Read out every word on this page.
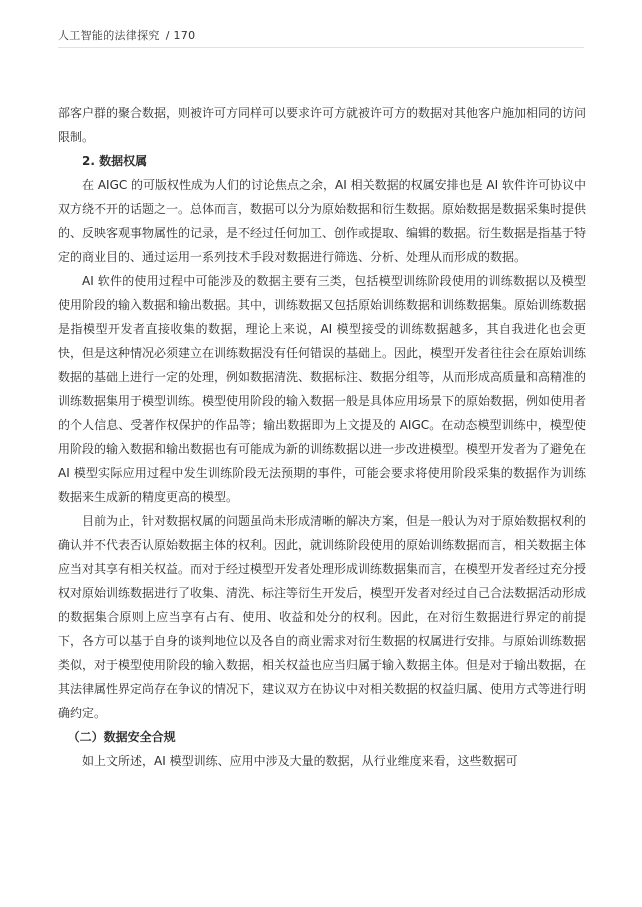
人工智能的法律探究 / 170

部客户群的聚合数据，则被许可方同样可以要求许可方就被许可方的数据对其他客户施加相同的访问限制。

2. 数据权属

在 AIGC 的可版权性成为人们的讨论焦点之余，AI 相关数据的权属安排也是 AI 软件许可协议中双方绕不开的话题之一。总体而言，数据可以分为原始数据和衍生数据。原始数据是数据采集时提供的、反映客观事物属性的记录，是不经过任何加工、创作或提取、编辑的数据。衍生数据是指基于特定的商业目的、通过运用一系列技术手段对数据进行筛选、分析、处理从而形成的数据。

AI 软件的使用过程中可能涉及的数据主要有三类，包括模型训练阶段使用的训练数据以及模型使用阶段的输入数据和输出数据。其中，训练数据又包括原始训练数据和训练数据集。原始训练数据是指模型开发者直接收集的数据，理论上来说，AI 模型接受的训练数据越多，其自我进化也会更快，但是这种情况必须建立在训练数据没有任何错误的基础上。因此，模型开发者往往会在原始训练数据的基础上进行一定的处理，例如数据清洗、数据标注、数据分组等，从而形成高质量和高精准的训练数据集用于模型训练。模型使用阶段的输入数据一般是具体应用场景下的原始数据，例如使用者的个人信息、受著作权保护的作品等；输出数据即为上文提及的 AIGC。在动态模型训练中，模型使用阶段的输入数据和输出数据也有可能成为新的训练数据以进一步改进模型。模型开发者为了避免在 AI 模型实际应用过程中发生训练阶段无法预期的事件，可能会要求将使用阶段采集的数据作为训练数据来生成新的精度更高的模型。

目前为止，针对数据权属的问题虽尚未形成清晰的解决方案，但是一般认为对于原始数据权利的确认并不代表否认原始数据主体的权利。因此，就训练阶段使用的原始训练数据而言，相关数据主体应当对其享有相关权益。而对于经过模型开发者处理形成训练数据集而言，在模型开发者经过充分授权对原始训练数据进行了收集、清洗、标注等衍生开发后，模型开发者对经过自己合法数据活动形成的数据集合原则上应当享有占有、使用、收益和处分的权利。因此，在对衍生数据进行界定的前提下，各方可以基于自身的谈判地位以及各自的商业需求对衍生数据的权属进行安排。与原始训练数据类似，对于模型使用阶段的输入数据，相关权益也应当归属于输入数据主体。但是对于输出数据，在其法律属性界定尚存在争议的情况下，建议双方在协议中对相关数据的权益归属、使用方式等进行明确约定。

（二）数据安全合规

如上文所述，AI 模型训练、应用中涉及大量的数据，从行业维度来看，这些数据可
